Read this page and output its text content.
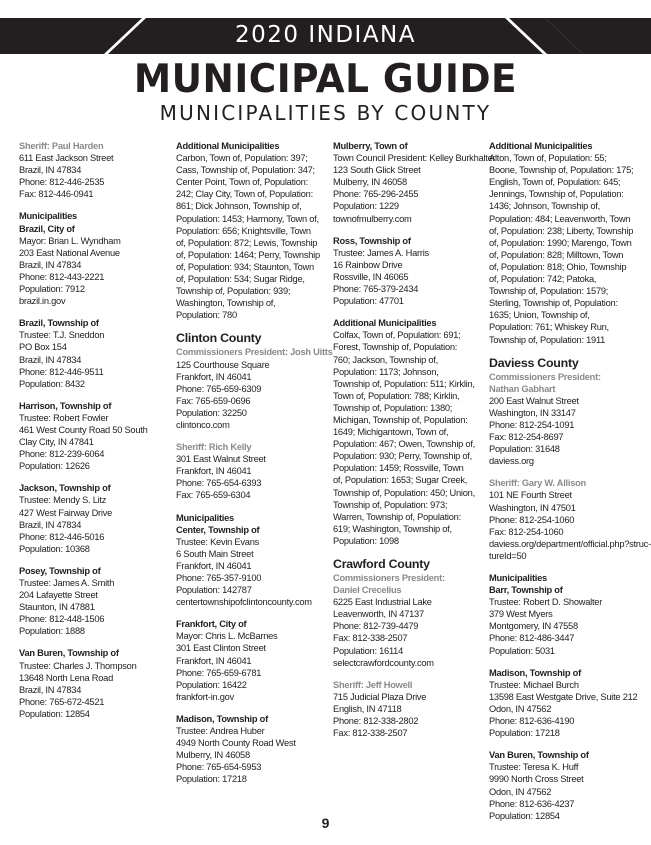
2020 INDIANA
MUNICIPAL GUIDE
MUNICIPALITIES BY COUNTY
Sheriff: Paul Harden
611 East Jackson Street
Brazil, IN 47834
Phone: 812-446-2535
Fax: 812-446-0941
Municipalities
Brazil, City of
Mayor: Brian L. Wyndham
203 East National Avenue
Brazil, IN 47834
Phone: 812-443-2221
Population: 7912
brazil.in.gov
Brazil, Township of
Trustee: T.J. Sneddon
PO Box 154
Brazil, IN 47834
Phone: 812-446-9511
Population: 8432
Harrison, Township of
Trustee: Robert Fowler
461 West County Road 50 South
Clay City, IN 47841
Phone: 812-239-6064
Population: 12626
Jackson, Township of
Trustee: Mendy S. Litz
427 West Fairway Drive
Brazil, IN 47834
Phone: 812-446-5016
Population: 10368
Posey, Township of
Trustee: James A. Smith
204 Lafayette Street
Staunton, IN 47881
Phone: 812-448-1506
Population: 1888
Van Buren, Township of
Trustee: Charles J. Thompson
13648 North Lena Road
Brazil, IN 47834
Phone: 765-672-4521
Population: 12854
Additional Municipalities
Carbon, Town of, Population: 397; Cass, Township of, Population: 347; Center Point, Town of, Population: 242; Clay City, Town of, Population: 861; Dick Johnson, Township of, Population: 1453; Harmony, Town of, Population: 656; Knightsville, Town of, Population: 872; Lewis, Township of, Population: 1464; Perry, Township of, Population: 934; Staunton, Town of, Population: 534; Sugar Ridge, Township of, Population: 939; Washington, Township of, Population: 780
Clinton County
Commissioners President: Josh Uitts
125 Courthouse Square
Frankfort, IN 46041
Phone: 765-659-6309
Fax: 765-659-0696
Population: 32250
clintonco.com
Sheriff: Rich Kelly
301 East Walnut Street
Frankfort, IN 46041
Phone: 765-654-6393
Fax: 765-659-6304
Municipalities
Center, Township of
Trustee: Kevin Evans
6 South Main Street
Frankfort, IN 46041
Phone: 765-357-9100
Population: 142787
centertownshipofclintoncounty.com
Frankfort, City of
Mayor: Chris L. McBarnes
301 East Clinton Street
Frankfort, IN 46041
Phone: 765-659-6781
Population: 16422
frankfort-in.gov
Madison, Township of
Trustee: Andrea Huber
4949 North County Road West
Mulberry, IN 46058
Phone: 765-654-5953
Population: 17218
Mulberry, Town of
Town Council President: Kelley Burkhalter
123 South Glick Street
Mulberry, IN 46058
Phone: 765-296-2455
Population: 1229
townofmulberry.com
Ross, Township of
Trustee: James A. Harris
16 Rainbow Drive
Rossville, IN 46065
Phone: 765-379-2434
Population: 47701
Additional Municipalities
Colfax, Town of, Population: 691; Forest, Township of, Population: 760; Jackson, Township of, Population: 1173; Johnson, Township of, Population: 511; Kirklin, Town of, Population: 788; Kirklin, Township of, Population: 1380; Michigan, Township of, Population: 1649; Michigantown, Town of, Population: 467; Owen, Township of, Population: 930; Perry, Township of, Population: 1459; Rossville, Town of, Population: 1653; Sugar Creek, Township of, Population: 450; Union, Township of, Population: 973; Warren, Township of, Population: 619; Washington, Township of, Population: 1098
Crawford County
Commissioners President:
Daniel Crecelius
6225 East Industrial Lake
Leavenworth, IN 47137
Phone: 812-739-4479
Fax: 812-338-2507
Population: 16114
selectcrawfordcounty.com
Sheriff: Jeff Howell
715 Judicial Plaza Drive
English, IN 47118
Phone: 812-338-2802
Fax: 812-338-2507
Additional Municipalities
Alton, Town of, Population: 55; Boone, Township of, Population: 175; English, Town of, Population: 645; Jennings, Township of, Population: 1436; Johnson, Township of, Population: 484; Leavenworth, Town of, Population: 238; Liberty, Township of, Population: 1990; Marengo, Town of, Population: 828; Milltown, Town of, Population: 818; Ohio, Township of, Population: 742; Patoka, Township of, Population: 1579; Sterling, Township of, Population: 1635; Union, Township of, Population: 761; Whiskey Run, Township of, Population: 1911
Daviess County
Commissioners President:
Nathan Gabhart
200 East Walnut Street
Washington, IN 33147
Phone: 812-254-1091
Fax: 812-254-8697
Population: 31648
daviess.org
Sheriff: Gary W. Allison
101 NE Fourth Street
Washington, IN 47501
Phone: 812-254-1060
Fax: 812-254-1060
daviess.org/department/official.php?struc-
tureId=50
Municipalities
Barr, Township of
Trustee: Robert D. Showalter
379 West Myers
Montgomery, IN 47558
Phone: 812-486-3447
Population: 5031
Madison, Township of
Trustee: Michael Burch
13598 East Westgate Drive, Suite 212
Odon, IN 47562
Phone: 812-636-4190
Population: 17218
Van Buren, Township of
Trustee: Teresa K. Huff
9990 North Cross Street
Odon, IN 47562
Phone: 812-636-4237
Population: 12854
9
